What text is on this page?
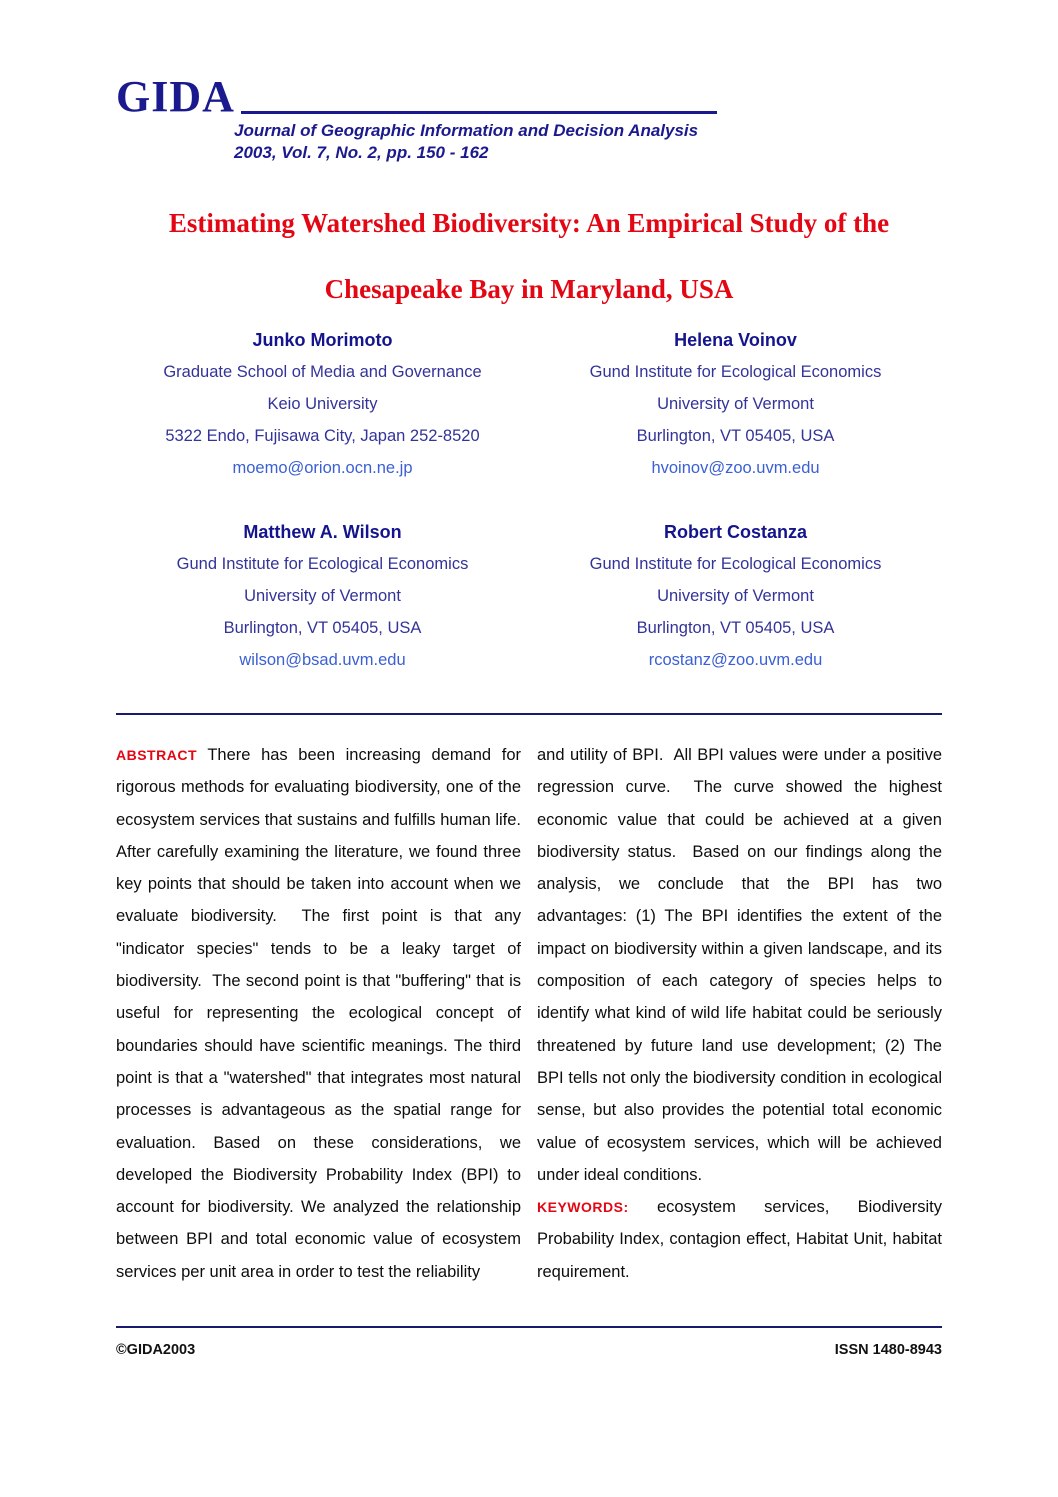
GIDA
Journal of Geographic Information and Decision Analysis
2003, Vol. 7, No. 2, pp. 150 - 162
Estimating Watershed Biodiversity: An Empirical Study of the
Chesapeake Bay in Maryland, USA
Junko Morimoto
Graduate School of Media and Governance
Keio University
5322 Endo, Fujisawa City, Japan 252-8520
moemo@orion.ocn.ne.jp
Helena Voinov
Gund Institute for Ecological Economics
University of Vermont
Burlington, VT 05405, USA
hvoinov@zoo.uvm.edu
Matthew A. Wilson
Gund Institute for Ecological Economics
University of Vermont
Burlington, VT 05405, USA
wilson@bsad.uvm.edu
Robert Costanza
Gund Institute for Ecological Economics
University of Vermont
Burlington, VT 05405, USA
rcostanz@zoo.uvm.edu
ABSTRACT There has been increasing demand for rigorous methods for evaluating biodiversity, one of the ecosystem services that sustains and fulfills human life. After carefully examining the literature, we found three key points that should be taken into account when we evaluate biodiversity.  The first point is that any "indicator species" tends to be a leaky target of biodiversity.  The second point is that "buffering" that is useful for representing the ecological concept of boundaries should have scientific meanings. The third point is that a "watershed" that integrates most natural processes is advantageous as the spatial range for evaluation. Based on these considerations, we developed the Biodiversity Probability Index (BPI) to account for biodiversity. We analyzed the relationship between BPI and total economic value of ecosystem services per unit area in order to test the reliability
and utility of BPI.  All BPI values were under a positive regression curve.  The curve showed the highest economic value that could be achieved at a given biodiversity status.  Based on our findings along the analysis, we conclude that the BPI has two advantages: (1) The BPI identifies the extent of the impact on biodiversity within a given landscape, and its composition of each category of species helps to identify what kind of wild life habitat could be seriously threatened by future land use development; (2) The BPI tells not only the biodiversity condition in ecological sense, but also provides the potential total economic value of ecosystem services, which will be achieved under ideal conditions.
KEYWORDS: ecosystem services, Biodiversity Probability Index, contagion effect, Habitat Unit, habitat requirement.
©GIDA2003	ISSN 1480-8943
